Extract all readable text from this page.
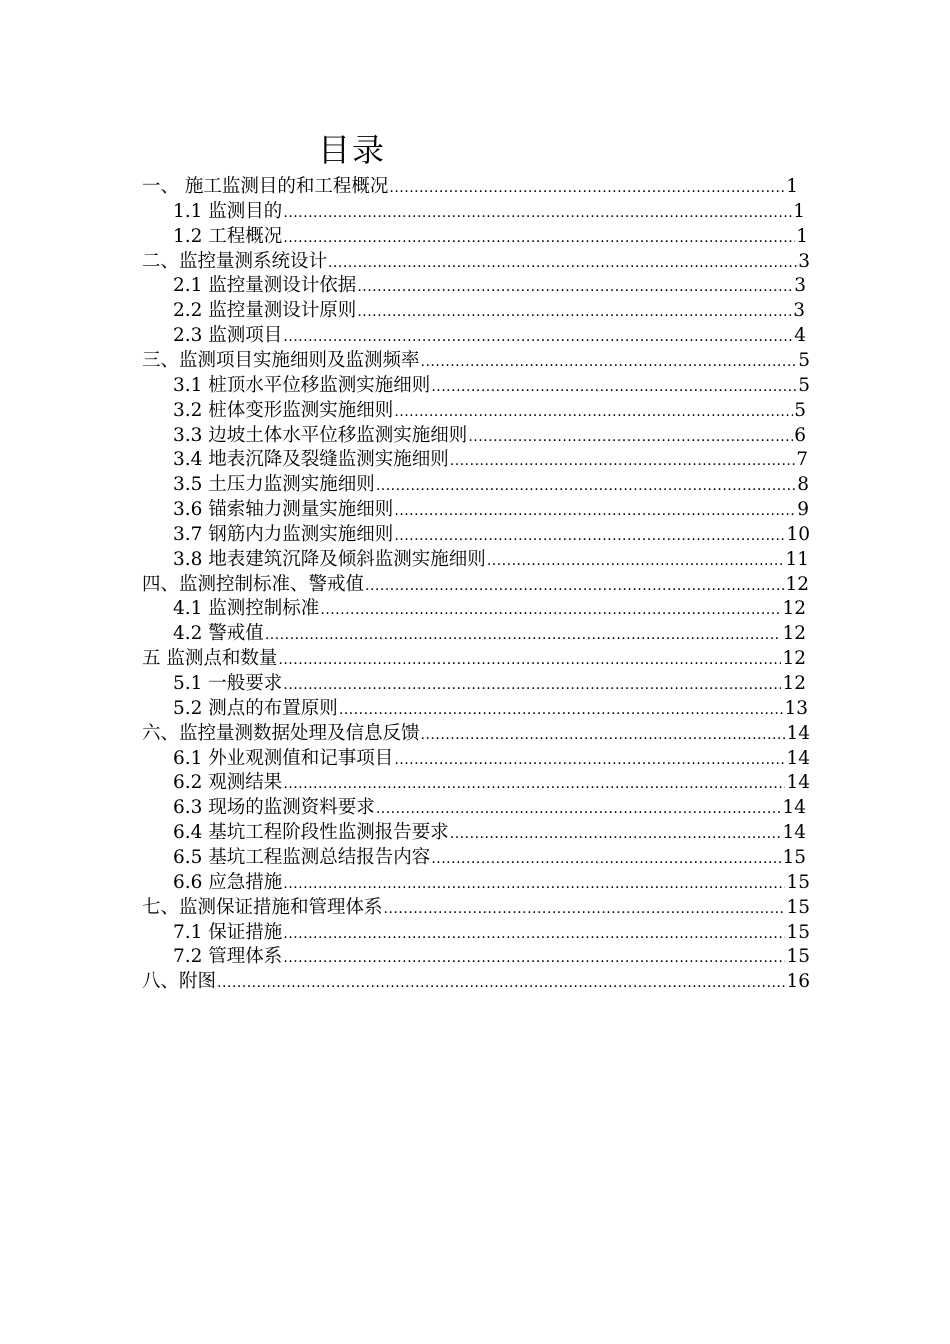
目录
一、 施工监测目的和工程概况 .....	1
1.1 监测目的 .....	1
1.2 工程概况 .....	1
二、监控量测系统设计 .....	3
2.1 监控量测设计依据 .....	3
2.2 监控量测设计原则 .....	3
2.3 监测项目 .....	4
三、监测项目实施细则及监测频率 .....	5
3.1 桩顶水平位移监测实施细则 .....	5
3.2 桩体变形监测实施细则 .....	5
3.3 边坡土体水平位移监测实施细则 .....	6
3.4 地表沉降及裂缝监测实施细则 .....	7
3.5 土压力监测实施细则 .....	8
3.6 锚索轴力测量实施细则 .....	9
3.7 钢筋内力监测实施细则 .....	10
3.8 地表建筑沉降及倾斜监测实施细则 .....	11
四、监测控制标准、警戒值 .....	12
4.1 监测控制标准 .....	12
4.2 警戒值 .....	12
五 监测点和数量 .....	12
5.1 一般要求 .....	12
5.2 测点的布置原则 .....	13
六、监控量测数据处理及信息反馈 .....	14
6.1 外业观测值和记事项目 .....	14
6.2 观测结果 .....	14
6.3 现场的监测资料要求 .....	14
6.4 基坑工程阶段性监测报告要求 .....	14
6.5 基坑工程监测总结报告内容 .....	15
6.6 应急措施 .....	15
七、监测保证措施和管理体系 .....	15
7.1 保证措施 .....	15
7.2 管理体系 .....	15
八、附图 .....	16
